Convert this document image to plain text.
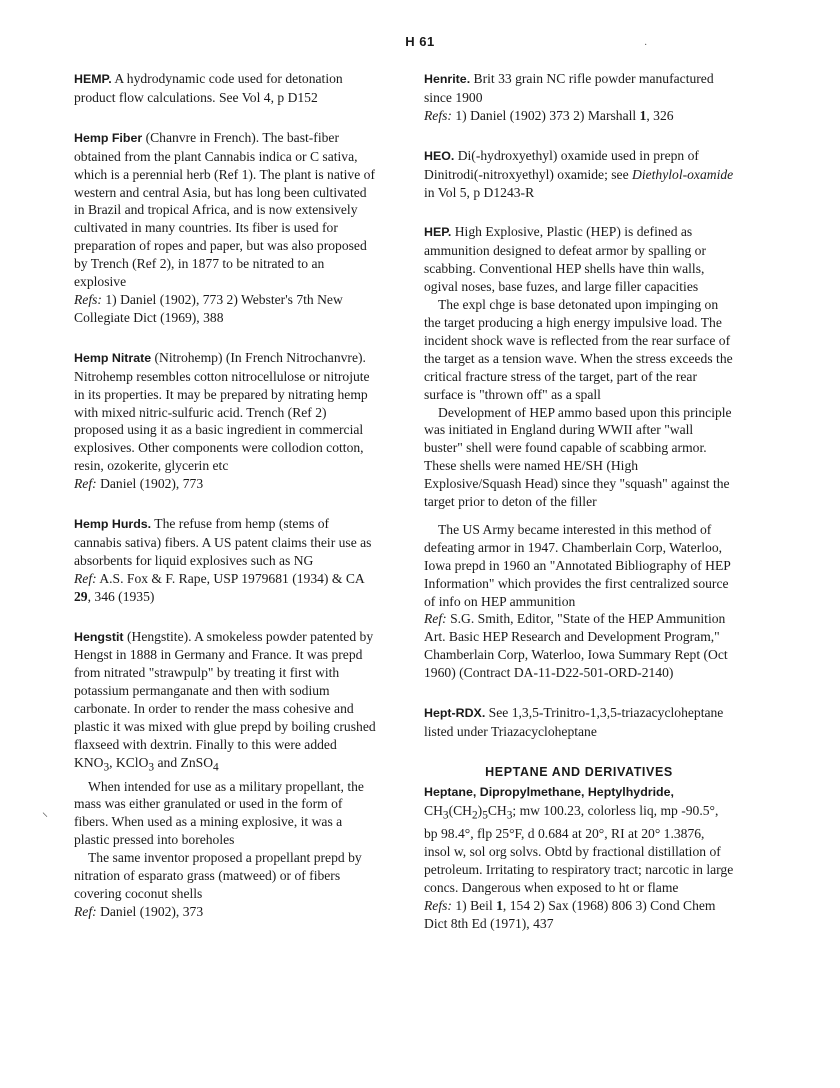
H 61	·
⸌

HEMP. A hydrodynamic code used for detonation product flow calculations. See Vol 4, p D152

Hemp Fiber (Chanvre in French). The bast-fiber obtained from the plant Cannabis indica or C sativa, which is a perennial herb (Ref 1). The plant is native of western and central Asia, but has long been cultivated in Brazil and tropical Africa, and is now extensively cultivated in many countries. Its fiber is used for preparation of ropes and paper, but was also proposed by Trench (Ref 2), in 1877 to be nitrated to an explosive

Refs: 1) Daniel (1902), 773 2) Webster's 7th New Collegiate Dict (1969), 388

Hemp Nitrate (Nitrohemp) (In French Nitrochanvre). Nitrohemp resembles cotton nitrocellulose or nitrojute in its properties. It may be prepared by nitrating hemp with mixed nitric-sulfuric acid. Trench (Ref 2) proposed using it as a basic ingredient in commercial explosives. Other components were collodion cotton, resin, ozokerite, glycerin etc

Ref: Daniel (1902), 773

Hemp Hurds. The refuse from hemp (stems of cannabis sativa) fibers. A US patent claims their use as absorbents for liquid explosives such as NG

Ref: A.S. Fox & F. Rape, USP 1979681 (1934) & CA 29, 346 (1935)

Hengstit (Hengstite). A smokeless powder patented by Hengst in 1888 in Germany and France. It was prepd from nitrated "strawpulp" by treating it first with potassium permanganate and then with sodium carbonate. In order to render the mass cohesive and plastic it was mixed with glue prepd by boiling crushed flaxseed with dextrin. Finally to this were added $KNO_3$, KClO$_3$ and ZnSO$_4$

When intended for use as a military propellant, the mass was either granulated or used in the form of fibers. When used as a mining explosive, it was a plastic pressed into boreholes

The same inventor proposed a propellant prepd by nitration of esparato grass (matweed) or of fibers covering coconut shells

Ref: Daniel (1902), 373

Henrite. Brit 33 grain NC rifle powder manufactured since 1900

Refs: 1) Daniel (1902) 373 2) Marshall 1, 326

HEO. Di(-hydroxyethyl) oxamide used in prepn of Dinitrodi(-nitroxyethyl) oxamide; see Diethylol-oxamide in Vol 5, p D1243-R

HEP. High Explosive, Plastic (HEP) is defined as ammunition designed to defeat armor by spalling or scabbing. Conventional HEP shells have thin walls, ogival noses, base fuzes, and large filler capacities

The expl chge is base detonated upon impinging on the target producing a high energy impulsive load. The incident shock wave is reflected from the rear surface of the target as a tension wave. When the stress exceeds the critical fracture stress of the target, part of the rear surface is "thrown off" as a spall

Development of HEP ammo based upon this principle was initiated in England during WWII after "wall buster" shell were found capable of scabbing armor. These shells were named HE/SH (High Explosive/Squash Head) since they "squash" against the target prior to deton of the filler

The US Army became interested in this method of defeating armor in 1947. Chamberlain Corp, Waterloo, Iowa prepd in 1960 an "Annotated Bibliography of HEP Information" which provides the first centralized source of info on HEP ammunition

Ref: S.G. Smith, Editor, "State of the HEP Ammunition Art. Basic HEP Research and Development Program," Chamberlain Corp, Waterloo, Iowa Summary Rept (Oct 1960) (Contract DA-11-D22-501-ORD-2140)

Hept-RDX. See 1,3,5-Trinitro-1,3,5-triazacycloheptane listed under Triazacycloheptane

HEPTANE AND DERIVATIVES

Heptane, Dipropylmethane, Heptylhydride,

$CH_3(CH_2)_5CH_3$; mw 100.23, colorless liq, mp -90.5°, bp 98.4°, flp 25°F, d 0.684 at 20°, RI at 20° 1.3876, insol w, sol org solvs. Obtd by fractional distillation of petroleum. Irritating to respiratory tract; narcotic in large concs. Dangerous when exposed to ht or flame

Refs: 1) Beil 1, 154 2) Sax (1968) 806 3) Cond Chem Dict 8th Ed (1971), 437
